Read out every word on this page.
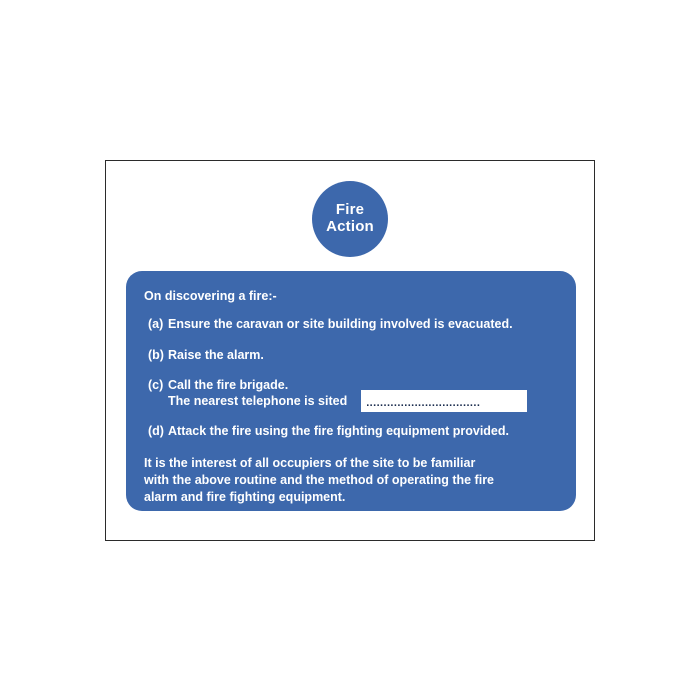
Fire
Action

On discovering a fire:-

(a) Ensure the caravan or site building involved is evacuated.
(b) Raise the alarm.
(c) Call the fire brigade.
The nearest telephone is sited	.................................
(d) Attack the fire using the fire fighting equipment provided.
It is the interest of all occupiers of the site to be familiar
with the above routine and the method of operating the fire
alarm and fire fighting equipment.
